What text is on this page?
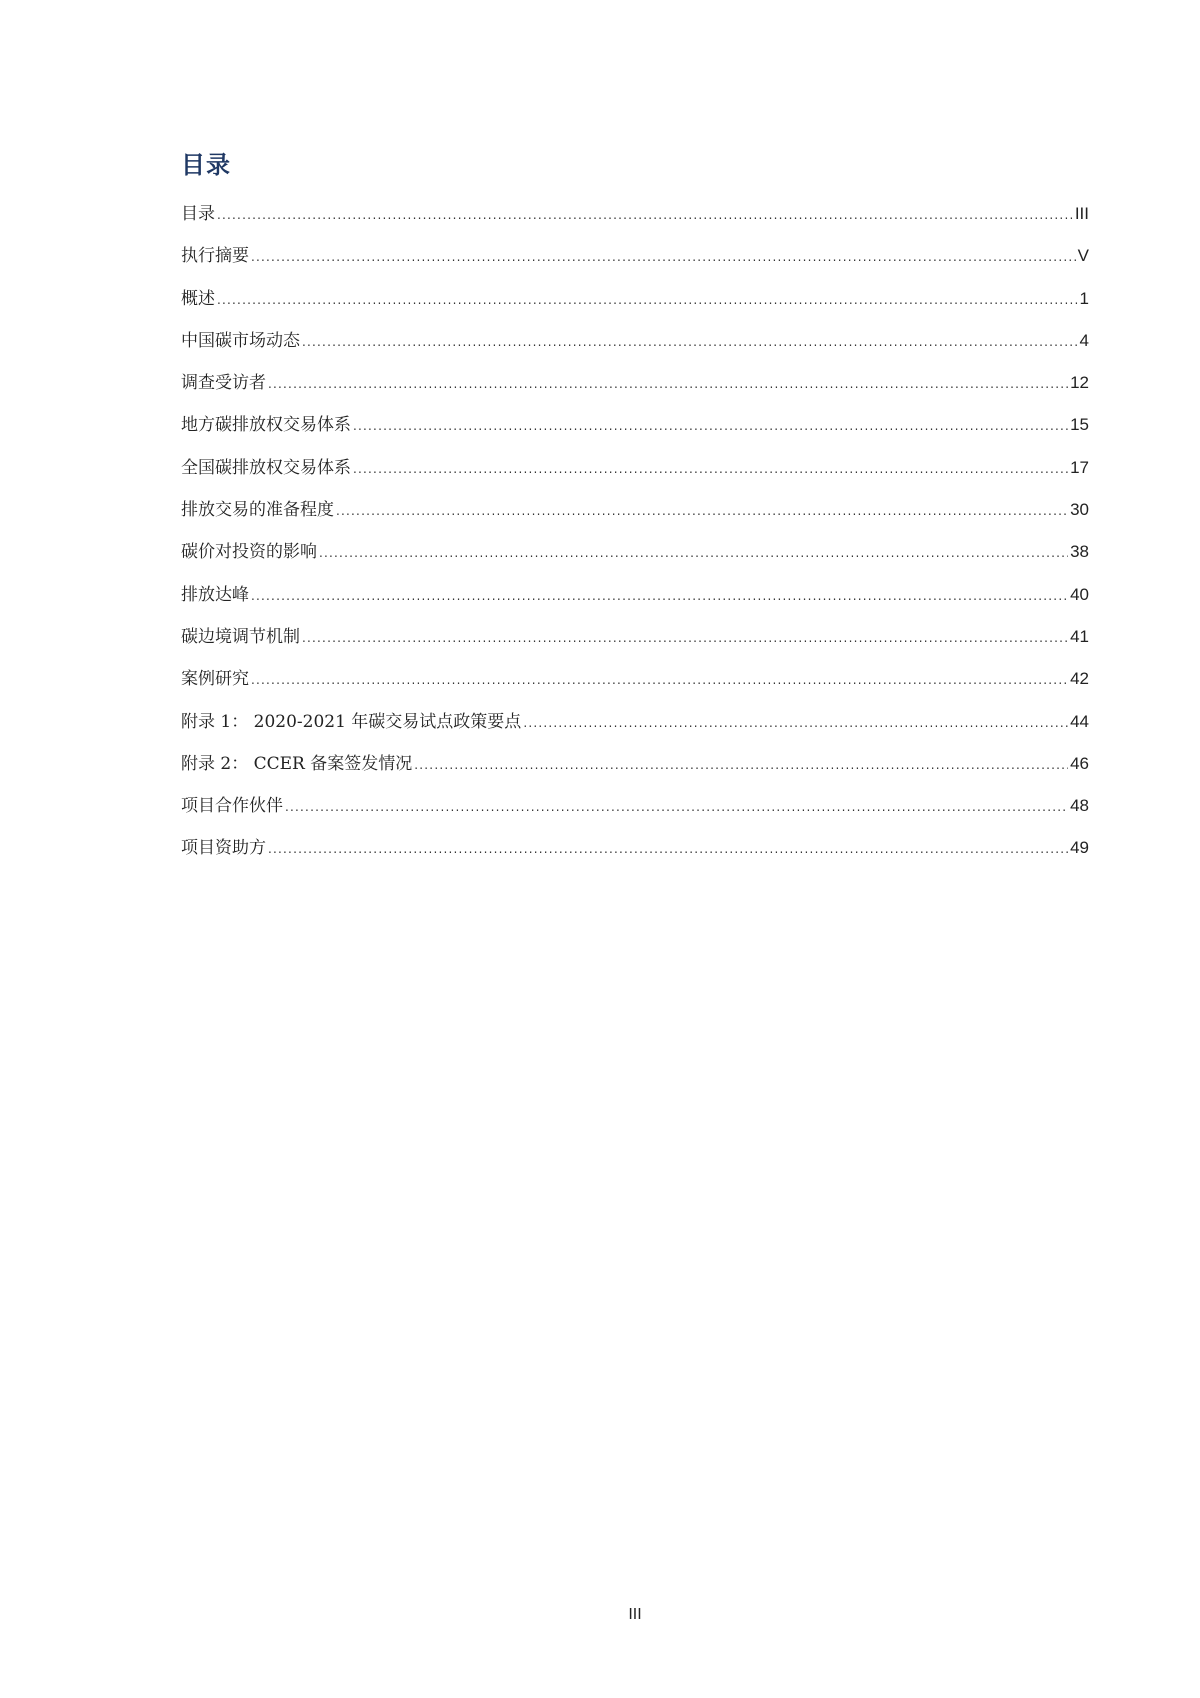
目录
目录 .....	III
执行摘要 .....	V
概述 .....	1
中国碳市场动态 .....	4
调查受访者 .....	12
地方碳排放权交易体系 .....	15
全国碳排放权交易体系 .....	17
排放交易的准备程度 .....	30
碳价对投资的影响 .....	38
排放达峰 .....	40
碳边境调节机制 .....	41
案例研究 .....	42
附录 1： 2020-2021 年碳交易试点政策要点 .....	44
附录 2： CCER 备案签发情况 .....	46
项目合作伙伴 .....	48
项目资助方 .....	49
III
